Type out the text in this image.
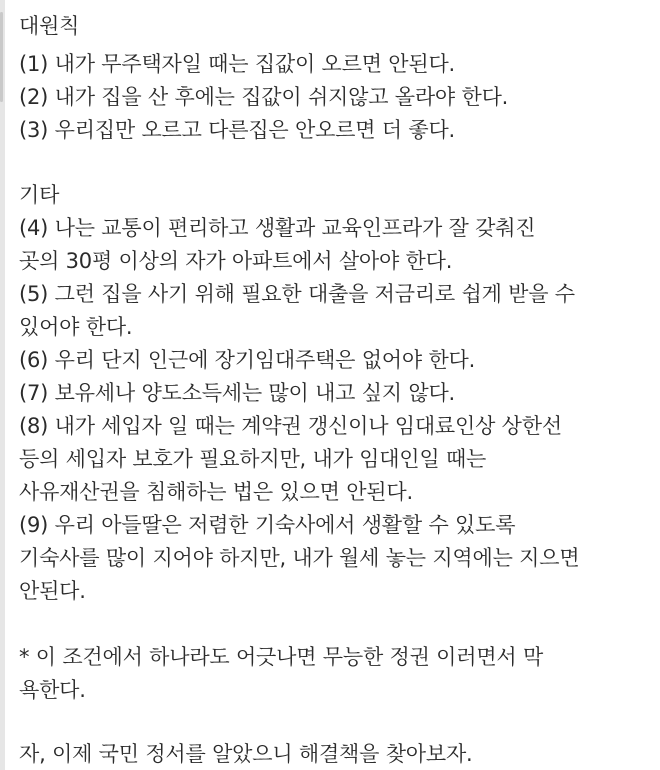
대원칙
(1) 내가 무주택자일 때는 집값이 오르면 안된다.
(2) 내가 집을 산 후에는 집값이 쉬지않고 올라야 한다.
(3) 우리집만 오르고 다른집은 안오르면 더 좋다.
기타
(4) 나는 교통이 편리하고 생활과 교육인프라가 잘 갖춰진
곳의 30평 이상의 자가 아파트에서 살아야 한다.
(5) 그런 집을 사기 위해 필요한 대출을 저금리로 쉽게 받을 수
있어야 한다.
(6) 우리 단지 인근에 장기임대주택은 없어야 한다.
(7) 보유세나 양도소득세는 많이 내고 싶지 않다.
(8) 내가 세입자 일 때는 계약권 갱신이나 임대료인상 상한선
등의 세입자 보호가 필요하지만, 내가 임대인일 때는
사유재산권을 침해하는 법은 있으면 안된다.
(9) 우리 아들딸은 저렴한 기숙사에서 생활할 수 있도록
기숙사를 많이 지어야 하지만, 내가 월세 놓는 지역에는 지으면
안된다.
* 이 조건에서 하나라도 어긋나면 무능한 정권 이러면서 막
욕한다.
자, 이제 국민 정서를 알았으니 해결책을 찾아보자.
